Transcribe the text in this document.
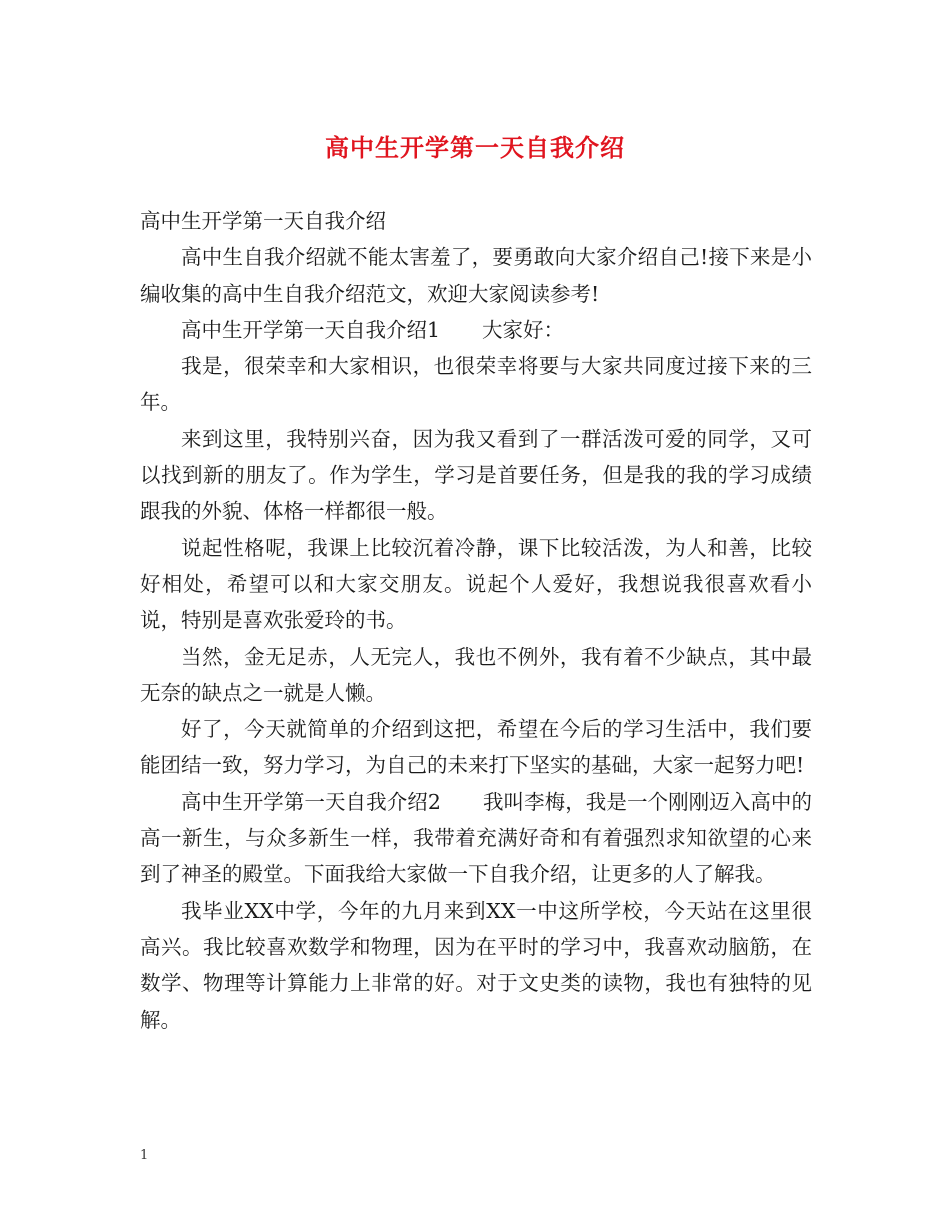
高中生开学第一天自我介绍

高中生开学第一天自我介绍

高中生自我介绍就不能太害羞了，要勇敢向大家介绍自己!接下来是小编收集的高中生自我介绍范文，欢迎大家阅读参考!

高中生开学第一天自我介绍1 大家好：

我是，很荣幸和大家相识，也很荣幸将要与大家共同度过接下来的三年。

来到这里，我特别兴奋，因为我又看到了一群活泼可爱的同学，又可以找到新的朋友了。作为学生，学习是首要任务，但是我的我的学习成绩跟我的外貌、体格一样都很一般。

说起性格呢，我课上比较沉着冷静，课下比较活泼，为人和善，比较好相处，希望可以和大家交朋友。说起个人爱好，我想说我很喜欢看小说，特别是喜欢张爱玲的书。

当然，金无足赤，人无完人，我也不例外，我有着不少缺点，其中最无奈的缺点之一就是人懒。

好了，今天就简单的介绍到这把，希望在今后的学习生活中，我们要能团结一致，努力学习，为自己的未来打下坚实的基础，大家一起努力吧!

高中生开学第一天自我介绍2 我叫李梅，我是一个刚刚迈入高中的高一新生，与众多新生一样，我带着充满好奇和有着强烈求知欲望的心来到了神圣的殿堂。下面我给大家做一下自我介绍，让更多的人了解我。

我毕业XX中学，今年的九月来到XX一中这所学校，今天站在这里很高兴。我比较喜欢数学和物理，因为在平时的学习中，我喜欢动脑筋，在数学、物理等计算能力上非常的好。对于文史类的读物，我也有独特的见解。

1
